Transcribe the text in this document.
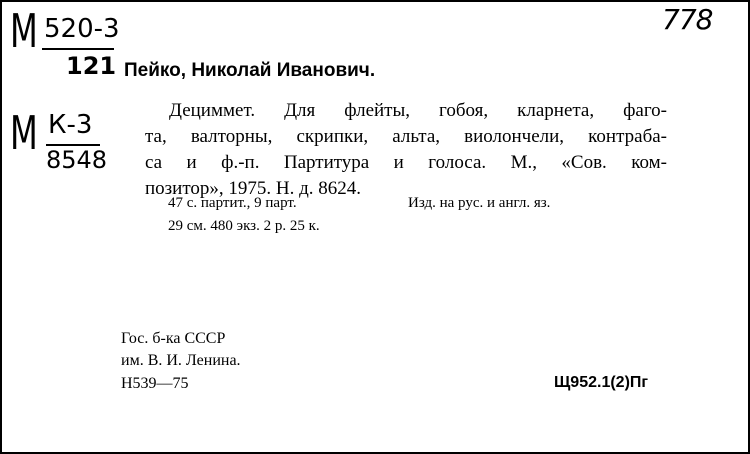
М 520-3
121
М К-3
8548
778
Пейко, Николай Иванович.

Дециммет. Для флейты, гобоя, кларнета, фаго-
та, валторны, скрипки, альта, виолончели, контраба-
са и ф.-п. Партитура и голоса. М., «Сов. ком-
позитор», 1975. Н. д. 8624.

47 с. партит., 9 парт.	Изд. на рус. и англ. яз.
29 см. 480 экз. 2 р. 25 к.
Гос. б-ка СССР
им. В. И. Ленина.
Н539—75	Щ952.1(2)Пг
